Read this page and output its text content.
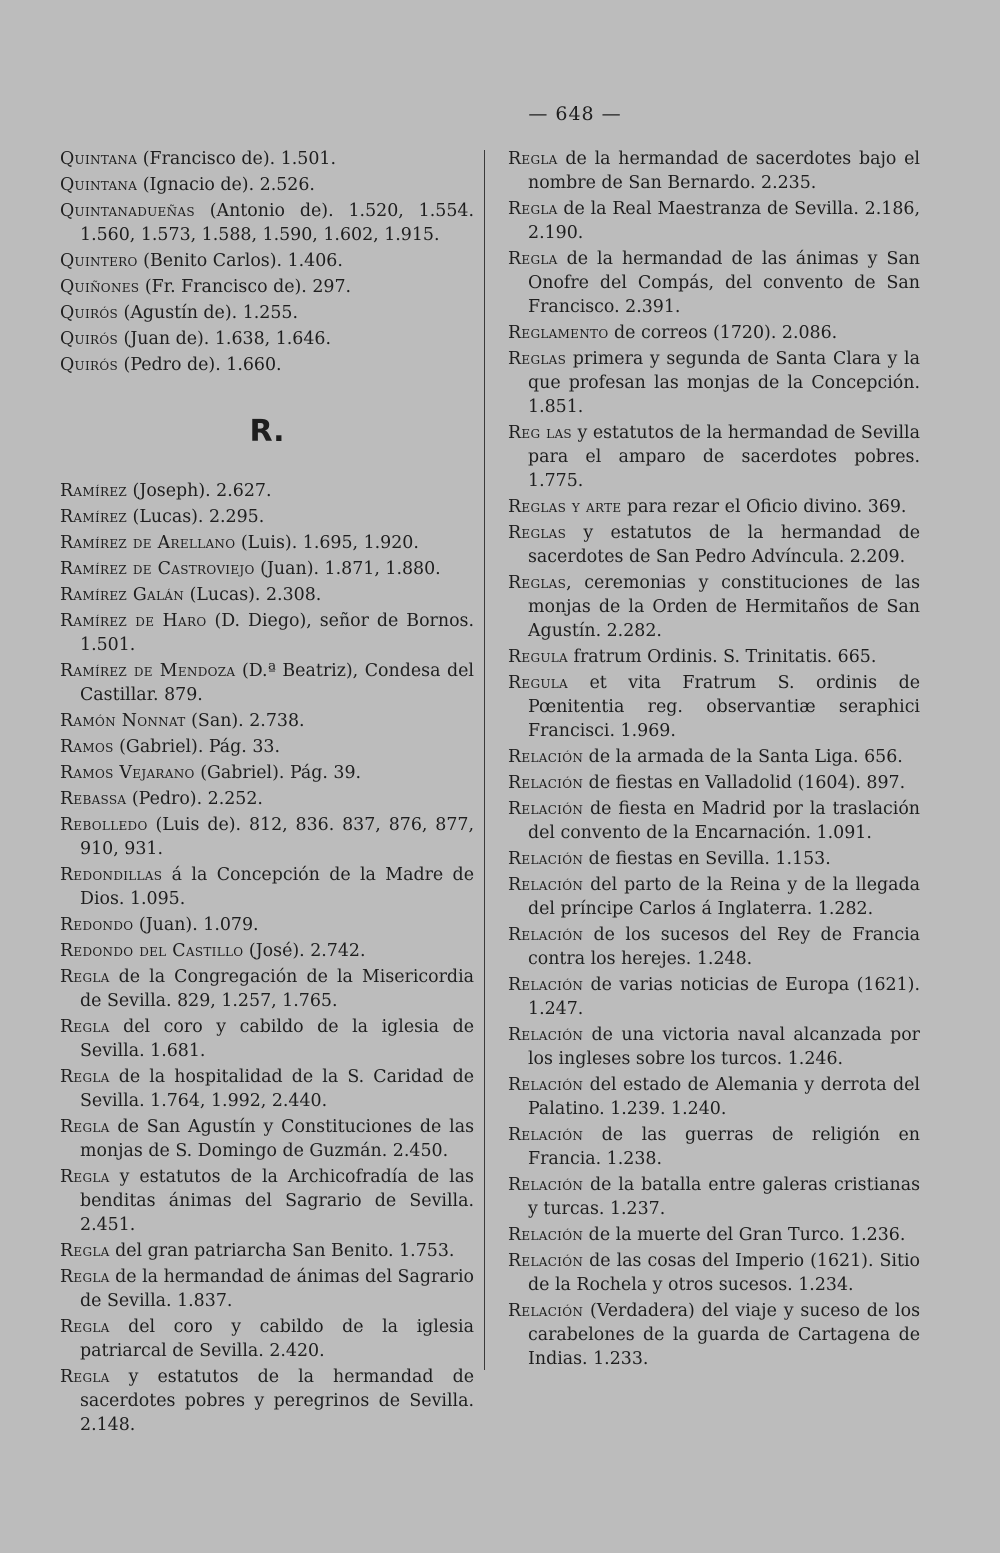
— 648 —
Quintana (Francisco de). 1.501.
Quintana (Ignacio de). 2.526.
Quintanadueñas (Antonio de). 1.520, 1.554. 1.560, 1.573, 1.588, 1.590, 1.602, 1.915.
Quintero (Benito Carlos). 1.406.
Quiñones (Fr. Francisco de). 297.
Quirós (Agustín de). 1.255.
Quirós (Juan de). 1.638, 1.646.
Quirós (Pedro de). 1.660.
R.
Ramírez (Joseph). 2.627.
Ramírez (Lucas). 2.295.
Ramírez de Arellano (Luis). 1.695, 1.920.
Ramírez de Castrovieјo (Juan). 1.871, 1.880.
Ramírez Galán (Lucas). 2.308.
Ramírez de Haro (D. Diego), señor de Bornos. 1.501.
Ramírez de Mendoza (D.ª Beatriz), Condesa del Castillar. 879.
Ramón Nonnat (San). 2.738.
Ramos (Gabriel). Pág. 33.
Ramos Vejarano (Gabriel). Pág. 39.
Rebassa (Pedro). 2.252.
Rebolledo (Luis de). 812, 836. 837, 876, 877, 910, 931.
Redondillas á la Concepción de la Madre de Dios. 1.095.
Redondo (Juan). 1.079.
Redondo del Castillo (José). 2.742.
Regla de la Congregación de la Misericordia de Sevilla. 829, 1.257, 1.765.
Regla del coro y cabildo de la iglesia de Sevilla. 1.681.
Regla de la hospitalidad de la S. Caridad de Sevilla. 1.764, 1.992, 2.440.
Regla de San Agustín y Constituciones de las monjas de S. Domingo de Guzmán. 2.450.
Regla y estatutos de la Archicofradía de las benditas ánimas del Sagrario de Sevilla. 2.451.
Regla del gran patriarcha San Benito. 1.753.
Regla de la hermandad de ánimas del Sagrario de Sevilla. 1.837.
Regla del coro y cabildo de la iglesia patriarcal de Sevilla. 2.420.
Regla y estatutos de la hermandad de sacerdotes pobres y peregrinos de Sevilla. 2.148.
Regla de la hermandad de sacerdotes bajo el nombre de San Bernardo. 2.235.
Regla de la Real Maestranza de Sevilla. 2.186, 2.190.
Regla de la hermandad de las ánimas y San Onofre del Compás, del convento de San Francisco. 2.391.
Reglamento de correos (1720). 2.086.
Reglas primera y segunda de Santa Clara y la que profesan las monjas de la Concepción. 1.851.
Reg las y estatutos de la hermandad de Sevilla para el amparo de sacerdotes pobres. 1.775.
Reglas y arte para rezar el Oficio divino. 369.
Reglas y estatutos de la hermandad de sacerdotes de San Pedro Advíncula. 2.209.
Reglas, ceremonias y constituciones de las monjas de la Orden de Hermitaños de San Agustín. 2.282.
Regula fratrum Ordinis. S. Trinitatis. 665.
Regula et vita Fratrum S. ordinis de Pœnitentia reg. observantiæ seraphici Francisci. 1.969.
Relación de la armada de la Santa Liga. 656.
Relación de fiestas en Valladolid (1604). 897.
Relación de fiesta en Madrid por la traslación del convento de la Encarnación. 1.091.
Relación de fiestas en Sevilla. 1.153.
Relación del parto de la Reina y de la llegada del príncipe Carlos á Inglaterra. 1.282.
Relación de los sucesos del Rey de Francia contra los herejes. 1.248.
Relación de varias noticias de Europa (1621). 1.247.
Relación de una victoria naval alcanzada por los ingleses sobre los turcos. 1.246.
Relación del estado de Alemania y derrota del Palatino. 1.239. 1.240.
Relación de las guerras de religión en Francia. 1.238.
Relación de la batalla entre galeras cristianas y turcas. 1.237.
Relación de la muerte del Gran Turco. 1.236.
Relación de las cosas del Imperio (1621). Sitio de la Rochela y otros sucesos. 1.234.
Relación (Verdadera) del viaje y suceso de los carabelones de la guarda de Cartagena de Indias. 1.233.
